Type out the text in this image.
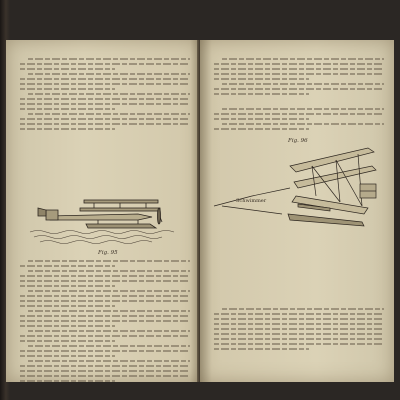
Fig. 95
Fig. 96
Schwimmer
